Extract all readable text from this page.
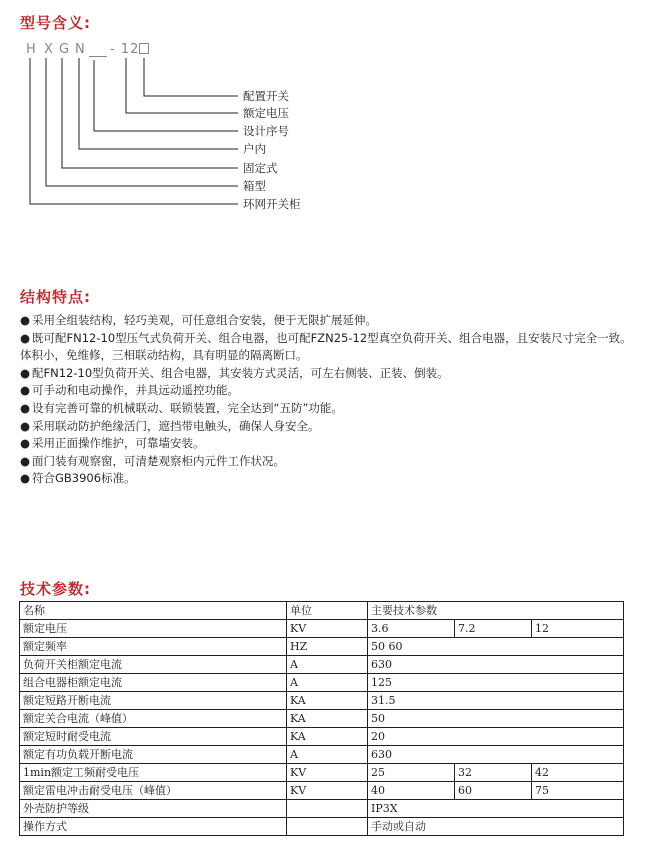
型号含义:
H X G N - 12
配置开关
额定电压
设计序号
户内
固定式
箱型
环网开关柜
结构特点:

● 采用全组装结构，轻巧美观，可任意组合安装，便于无限扩展延伸。

● 既可配FN12-10型压气式负荷开关、组合电器，也可配FZN25-12型真空负荷开关、组合电器，且安装尺寸完全一致。体积小，免维修，三相联动结构，具有明显的隔离断口。

● 配FN12-10型负荷开关、组合电器，其安装方式灵活，可左右侧装、正装、倒装。

● 可手动和电动操作，并具远动遥控功能。

● 设有完善可靠的机械联动、联锁装置，完全达到“五防”功能。

● 采用联动防护绝缘活门，遮挡带电触头，确保人身安全。

● 采用正面操作维护，可靠墙安装。

● 面门装有观察窗，可清楚观察柜内元件工作状况。

● 符合GB3906标准。

技术参数:
名称	单位	主要技术参数		
额定电压	KV	3.6	7.2	12
额定频率	HZ	50 60		
负荷开关柜额定电流	A	630		
组合电器柜额定电流	A	125		
额定短路开断电流	KA	31.5		
额定关合电流（峰值）	KA	50		
额定短时耐受电流	KA	20		
额定有功负载开断电流	A	630		
1min额定工频耐受电压	KV	25	32	42
额定雷电冲击耐受电压（峰值）	KV	40	60	75
外壳防护等级		IP3X		
操作方式		手动或自动		
